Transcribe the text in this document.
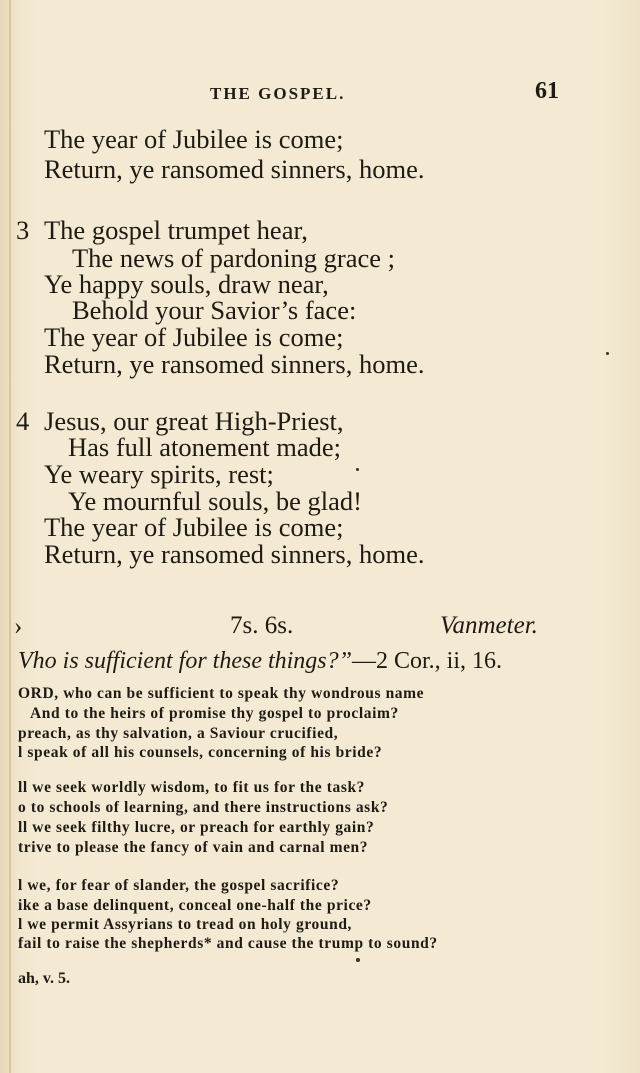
THE GOSPEL.	61
The year of Jubilee is come;
Return, ye ransomed sinners, home.
3 The gospel trumpet hear,
The news of pardoning grace ;
Ye happy souls, draw near,
Behold your Savior’s face:
The year of Jubilee is come;
Return, ye ransomed sinners, home.
4 Jesus, our great High-Priest,
Has full atonement made;
Ye weary spirits, rest;
Ye mournful souls, be glad!
The year of Jubilee is come;
Return, ye ransomed sinners, home.
›	7s. 6s.	Vanmeter.
Vho is sufficient for these things?”—2 Cor., ii, 16.
ORD, who can be sufficient to speak thy wondrous name
And to the heirs of promise thy gospel to proclaim?
preach, as thy salvation, a Saviour crucified,
l speak of all his counsels, concerning of his bride?
ll we seek worldly wisdom, to fit us for the task?
o to schools of learning, and there instructions ask?
ll we seek filthy lucre, or preach for earthly gain?
trive to please the fancy of vain and carnal men?
l we, for fear of slander, the gospel sacrifice?
ike a base delinquent, conceal one-half the price?
l we permit Assyrians to tread on holy ground,
fail to raise the shepherds* and cause the trump to sound?
ah, v. 5.
